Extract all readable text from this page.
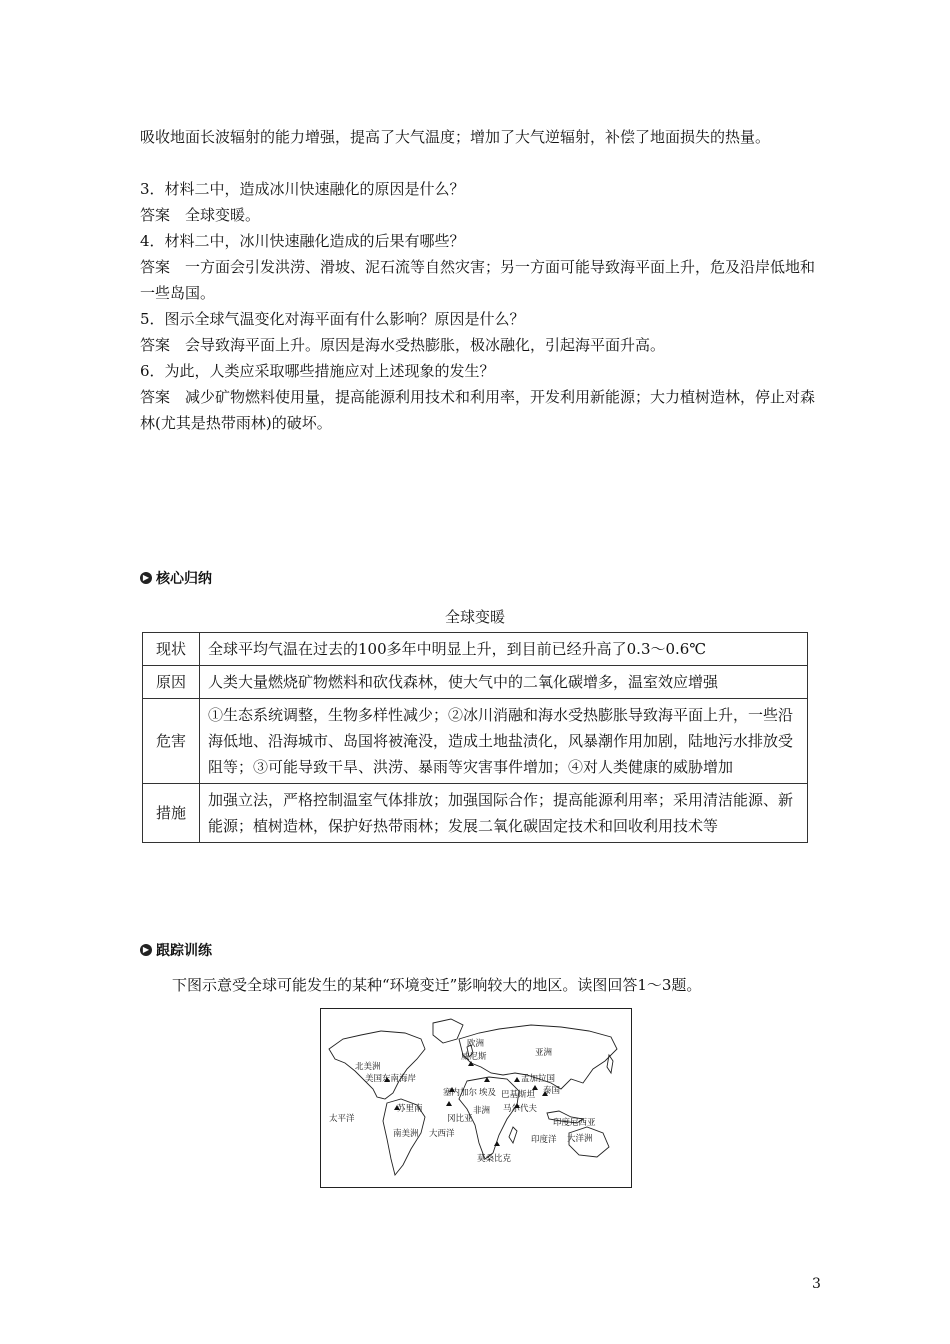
吸收地面长波辐射的能力增强，提高了大气温度；增加了大气逆辐射，补偿了地面损失的热量。

3．材料二中，造成冰川快速融化的原因是什么？

答案　全球变暖。

4．材料二中，冰川快速融化造成的后果有哪些？

答案　一方面会引发洪涝、滑坡、泥石流等自然灾害；另一方面可能导致海平面上升，危及沿岸低地和一些岛国。

5．图示全球气温变化对海平面有什么影响？原因是什么？

答案　会导致海平面上升。原因是海水受热膨胀，极冰融化，引起海平面升高。

6．为此，人类应采取哪些措施应对上述现象的发生？

答案　减少矿物燃料使用量，提高能源利用技术和利用率，开发利用新能源；大力植树造林，停止对森林(尤其是热带雨林)的破坏。

▶ 核心归纳
全球变暖
现状	全球平均气温在过去的100多年中明显上升，到目前已经升高了0.3～0.6℃
原因	人类大量燃烧矿物燃料和砍伐森林，使大气中的二氧化碳增多，温室效应增强
危害	①生态系统调整，生物多样性减少；②冰川消融和海水受热膨胀导致海平面上升，一些沿海低地、沿海城市、岛国将被淹没，造成土地盐渍化，风暴潮作用加剧，陆地污水排放受阻等；③可能导致干旱、洪涝、暴雨等灾害事件增加；④对人类健康的威胁增加
措施	加强立法，严格控制温室气体排放；加强国际合作；提高能源利用率；采用清洁能源、新能源；植树造林，保护好热带雨林；发展二氧化碳固定技术和回收利用技术等
▶ 跟踪训练
下图示意受全球可能发生的某种“环境变迁”影响较大的地区。读图回答1～3题。
欧洲
威尼斯	亚洲
北美洲
美国东南海岸	孟加拉国
泰国
塞内加尔 埃及 巴基斯坦
苏里南	非洲 马尔代夫
太平洋	冈比亚	印度尼西亚
南美洲 大西洋
印度洋 大洋洲
莫桑比克
3
